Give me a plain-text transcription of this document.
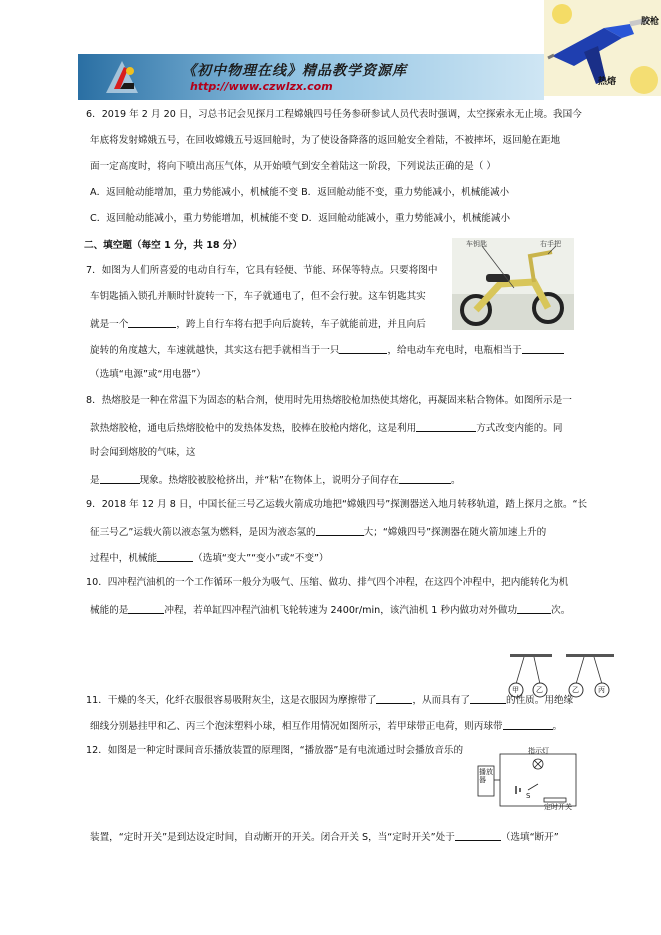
《初中物理在线》精品教学资源库
http://www.czwlzx.com
胶枪
热熔
6．2019 年 2 月 20 日，习总书记会见探月工程嫦娥四号任务参研参试人员代表时强调，太空探索永无止境。我国今
年底将发射嫦娥五号，在回收嫦娥五号返回舱时，为了使设备降落的返回舱安全着陆，不被摔坏，返回舱在距地
面一定高度时，将向下喷出高压气体，从开始喷气到安全着陆这一阶段，下列说法正确的是（ ）
A．返回舱动能增加，重力势能减小，机械能不变 B．返回舱动能不变，重力势能减小，机械能减小
C．返回舱动能减小，重力势能增加，机械能不变 D．返回舱动能减小，重力势能减小，机械能减小
二、填空题（每空 1 分，共 18 分）
7．如图为人们所喜爱的电动自行车，它具有轻便、节能、环保等特点。只要将图中
车钥匙插入锁孔并顺时针旋转一下，车子就通电了，但不会行驶。这车钥匙其实
就是一个	，跨上自行车将右把手向后旋转，车子就能前进，并且向后
旋转的角度越大，车速就越快，其实这右把手就相当于一只	，给电动车充电时，电瓶相当于
（选填“电源”或“用电器”）
车钥匙	右手把
8．热熔胶是一种在常温下为固态的粘合剂，使用时先用热熔胶枪加热使其熔化，再凝固来粘合物体。如图所示是一
款热熔胶枪，通电后热熔胶枪中的发热体发热，胶棒在胶枪内熔化，这是利用	方式改变内能的。同
时会闻到熔胶的气味，这
是	现象。热熔胶被胶枪挤出，并“粘”在物体上，说明分子间存在	。
9．2018 年 12 月 8 日，中国长征三号乙运载火箭成功地把“嫦娥四号”探测器送入地月转移轨道，踏上探月之旅。“长
征三号乙”运载火箭以液态氢为燃料，是因为液态氢的	大；“嫦娥四号”探测器在随火箭加速上升的
过程中，机械能	（选填“变大”“变小”或“不变”）
10．四冲程汽油机的一个工作循环一般分为吸气、压缩、做功、排气四个冲程，在这四个冲程中，把内能转化为机
械能的是	冲程，若单缸四冲程汽油机飞轮转速为 2400r/min，该汽油机 1 秒内做功对外做功	次。
甲 乙	乙	丙
11．干燥的冬天，化纤衣服很容易吸附灰尘，这是衣服因为摩擦带了	，从而具有了	的性质。用绝缘
细线分别悬挂甲和乙、丙三个泡沫塑料小球，相互作用情况如图所示，若甲球带正电荷，则丙球带	。
12．如图是一种定时课间音乐播放装置的原理图，“播放器”是有电流通过时会播放音乐的
装置，“定时开关”是到达设定时间，自动断开的开关。闭合开关 S，当“定时开关”处于	（选填“断开”
指示灯
播放器
S
定时开关
